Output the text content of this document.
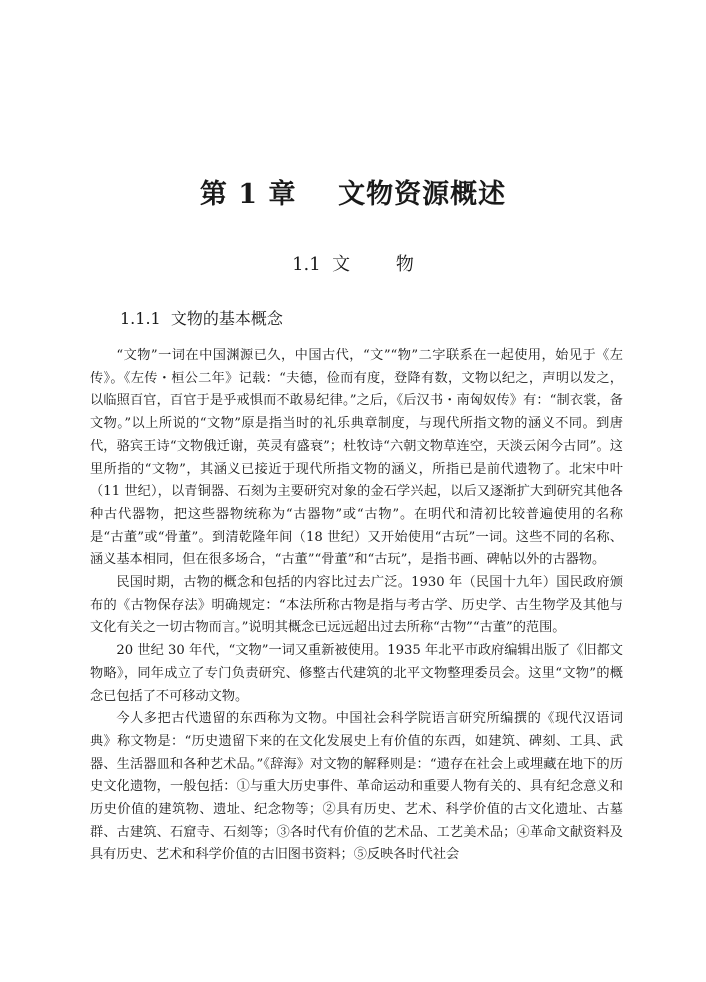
第 1 章    文物资源概述
1.1  文        物
1.1.1  文物的基本概念

“文物”一词在中国渊源已久，中国古代，“文”“物”二字联系在一起使用，始见于《左传》。《左传・桓公二年》记载：“夫德，俭而有度，登降有数，文物以纪之，声明以发之，以临照百官，百官于是乎戒惧而不敢易纪律。”之后，《后汉书・南匈奴传》有：“制衣裳，备文物。”以上所说的“文物”原是指当时的礼乐典章制度，与现代所指文物的涵义不同。到唐代，骆宾王诗“文物俄迁谢，英灵有盛衰”；杜牧诗“六朝文物草连空，天淡云闲今古同”。这里所指的“文物”，其涵义已接近于现代所指文物的涵义，所指已是前代遗物了。北宋中叶（11 世纪），以青铜器、石刻为主要研究对象的金石学兴起，以后又逐渐扩大到研究其他各种古代器物，把这些器物统称为“古器物”或“古物”。在明代和清初比较普遍使用的名称是“古董”或“骨董”。到清乾隆年间（18 世纪）又开始使用“古玩”一词。这些不同的名称、涵义基本相同，但在很多场合，“古董”“骨董”和“古玩”，是指书画、碑帖以外的古器物。

民国时期，古物的概念和包括的内容比过去广泛。1930 年（民国十九年）国民政府颁布的《古物保存法》明确规定：“本法所称古物是指与考古学、历史学、古生物学及其他与文化有关之一切古物而言。”说明其概念已远远超出过去所称“古物”“古董”的范围。

20 世纪 30 年代，“文物”一词又重新被使用。1935 年北平市政府编辑出版了《旧都文物略》，同年成立了专门负责研究、修整古代建筑的北平文物整理委员会。这里“文物”的概念已包括了不可移动文物。

今人多把古代遗留的东西称为文物。中国社会科学院语言研究所编撰的《现代汉语词典》称文物是：“历史遗留下来的在文化发展史上有价值的东西，如建筑、碑刻、工具、武器、生活器皿和各种艺术品。”《辞海》对文物的解释则是：“遗存在社会上或埋藏在地下的历史文化遗物，一般包括：①与重大历史事件、革命运动和重要人物有关的、具有纪念意义和历史价值的建筑物、遗址、纪念物等；②具有历史、艺术、科学价值的古文化遗址、古墓群、古建筑、石窟寺、石刻等；③各时代有价值的艺术品、工艺美术品；④革命文献资料及具有历史、艺术和科学价值的古旧图书资料；⑤反映各时代社会
